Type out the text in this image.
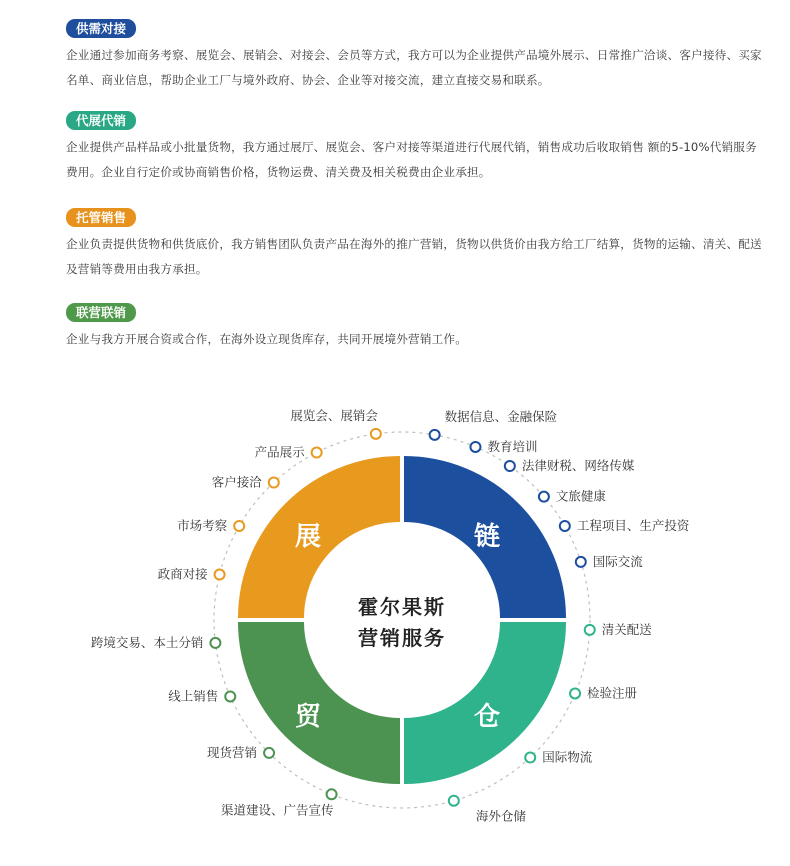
供需对接
企业通过参加商务考察、展览会、展销会、对接会、会员等方式，我方可以为企业提供产品境外展示、日常推广洽谈、客户接待、买家名单、商业信息，帮助企业工厂与境外政府、协会、企业等对接交流，建立直接交易和联系。
代展代销
企业提供产品样品或小批量货物，我方通过展厅、展览会、客户对接等渠道进行代展代销，销售成功后收取销售 额的5-10%代销服务费用。企业自行定价或协商销售价格，货物运费、清关费及相关税费由企业承担。
托管销售
企业负责提供货物和供货底价，我方销售团队负责产品在海外的推广营销，货物以供货价由我方给工厂结算，货物的运输、清关、配送及营销等费用由我方承担。
联营联销
企业与我方开展合资或合作，在海外设立现货库存，共同开展境外营销工作。
霍尔果斯
营销服务
展	链
贸	仓
展览会、展销会
产品展示
客户接洽
市场考察
政商对接
数据信息、金融保险
教育培训
法律财税、网络传媒
文旅健康
工程项目、生产投资
国际交流
清关配送
检验注册
国际物流
海外仓储
跨境交易、本土分销
线上销售
现货营销
渠道建设、广告宣传
